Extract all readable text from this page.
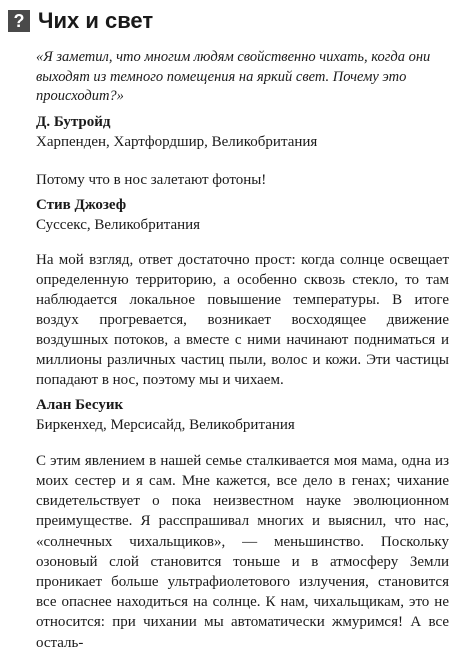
? Чих и свет

«Я заметил, что многим людям свойственно чихать, когда они выходят из темного помещения на яркий свет. Почему это происходит?»

Д. Бутройд
Харпенден, Хартфордшир, Великобритания

Потому что в нос залетают фотоны!

Стив Джозеф
Суссекс, Великобритания

На мой взгляд, ответ достаточно прост: когда солнце освещает определенную территорию, а особенно сквозь стекло, то там наблюдается локальное повышение температуры. В итоге воздух прогревается, возникает восходящее движение воздушных потоков, а вместе с ними начинают подниматься и миллионы различных частиц пыли, волос и кожи. Эти частицы попадают в нос, поэтому мы и чихаем.

Алан Бесуик
Биркенхед, Мерсисайд, Великобритания

С этим явлением в нашей семье сталкивается моя мама, одна из моих сестер и я сам. Мне кажется, все дело в генах; чихание свидетельствует о пока неизвестном науке эволюционном преимуществе. Я расспрашивал многих и выяснил, что нас, «солнечных чихальщиков», — меньшинство. Поскольку озоновый слой становится тоньше и в атмосферу Земли проникает больше ультрафиолетового излучения, становится все опаснее находиться на солнце. К нам, чихальщикам, это не относится: при чихании мы автоматически жмуримся! А все осталь-
